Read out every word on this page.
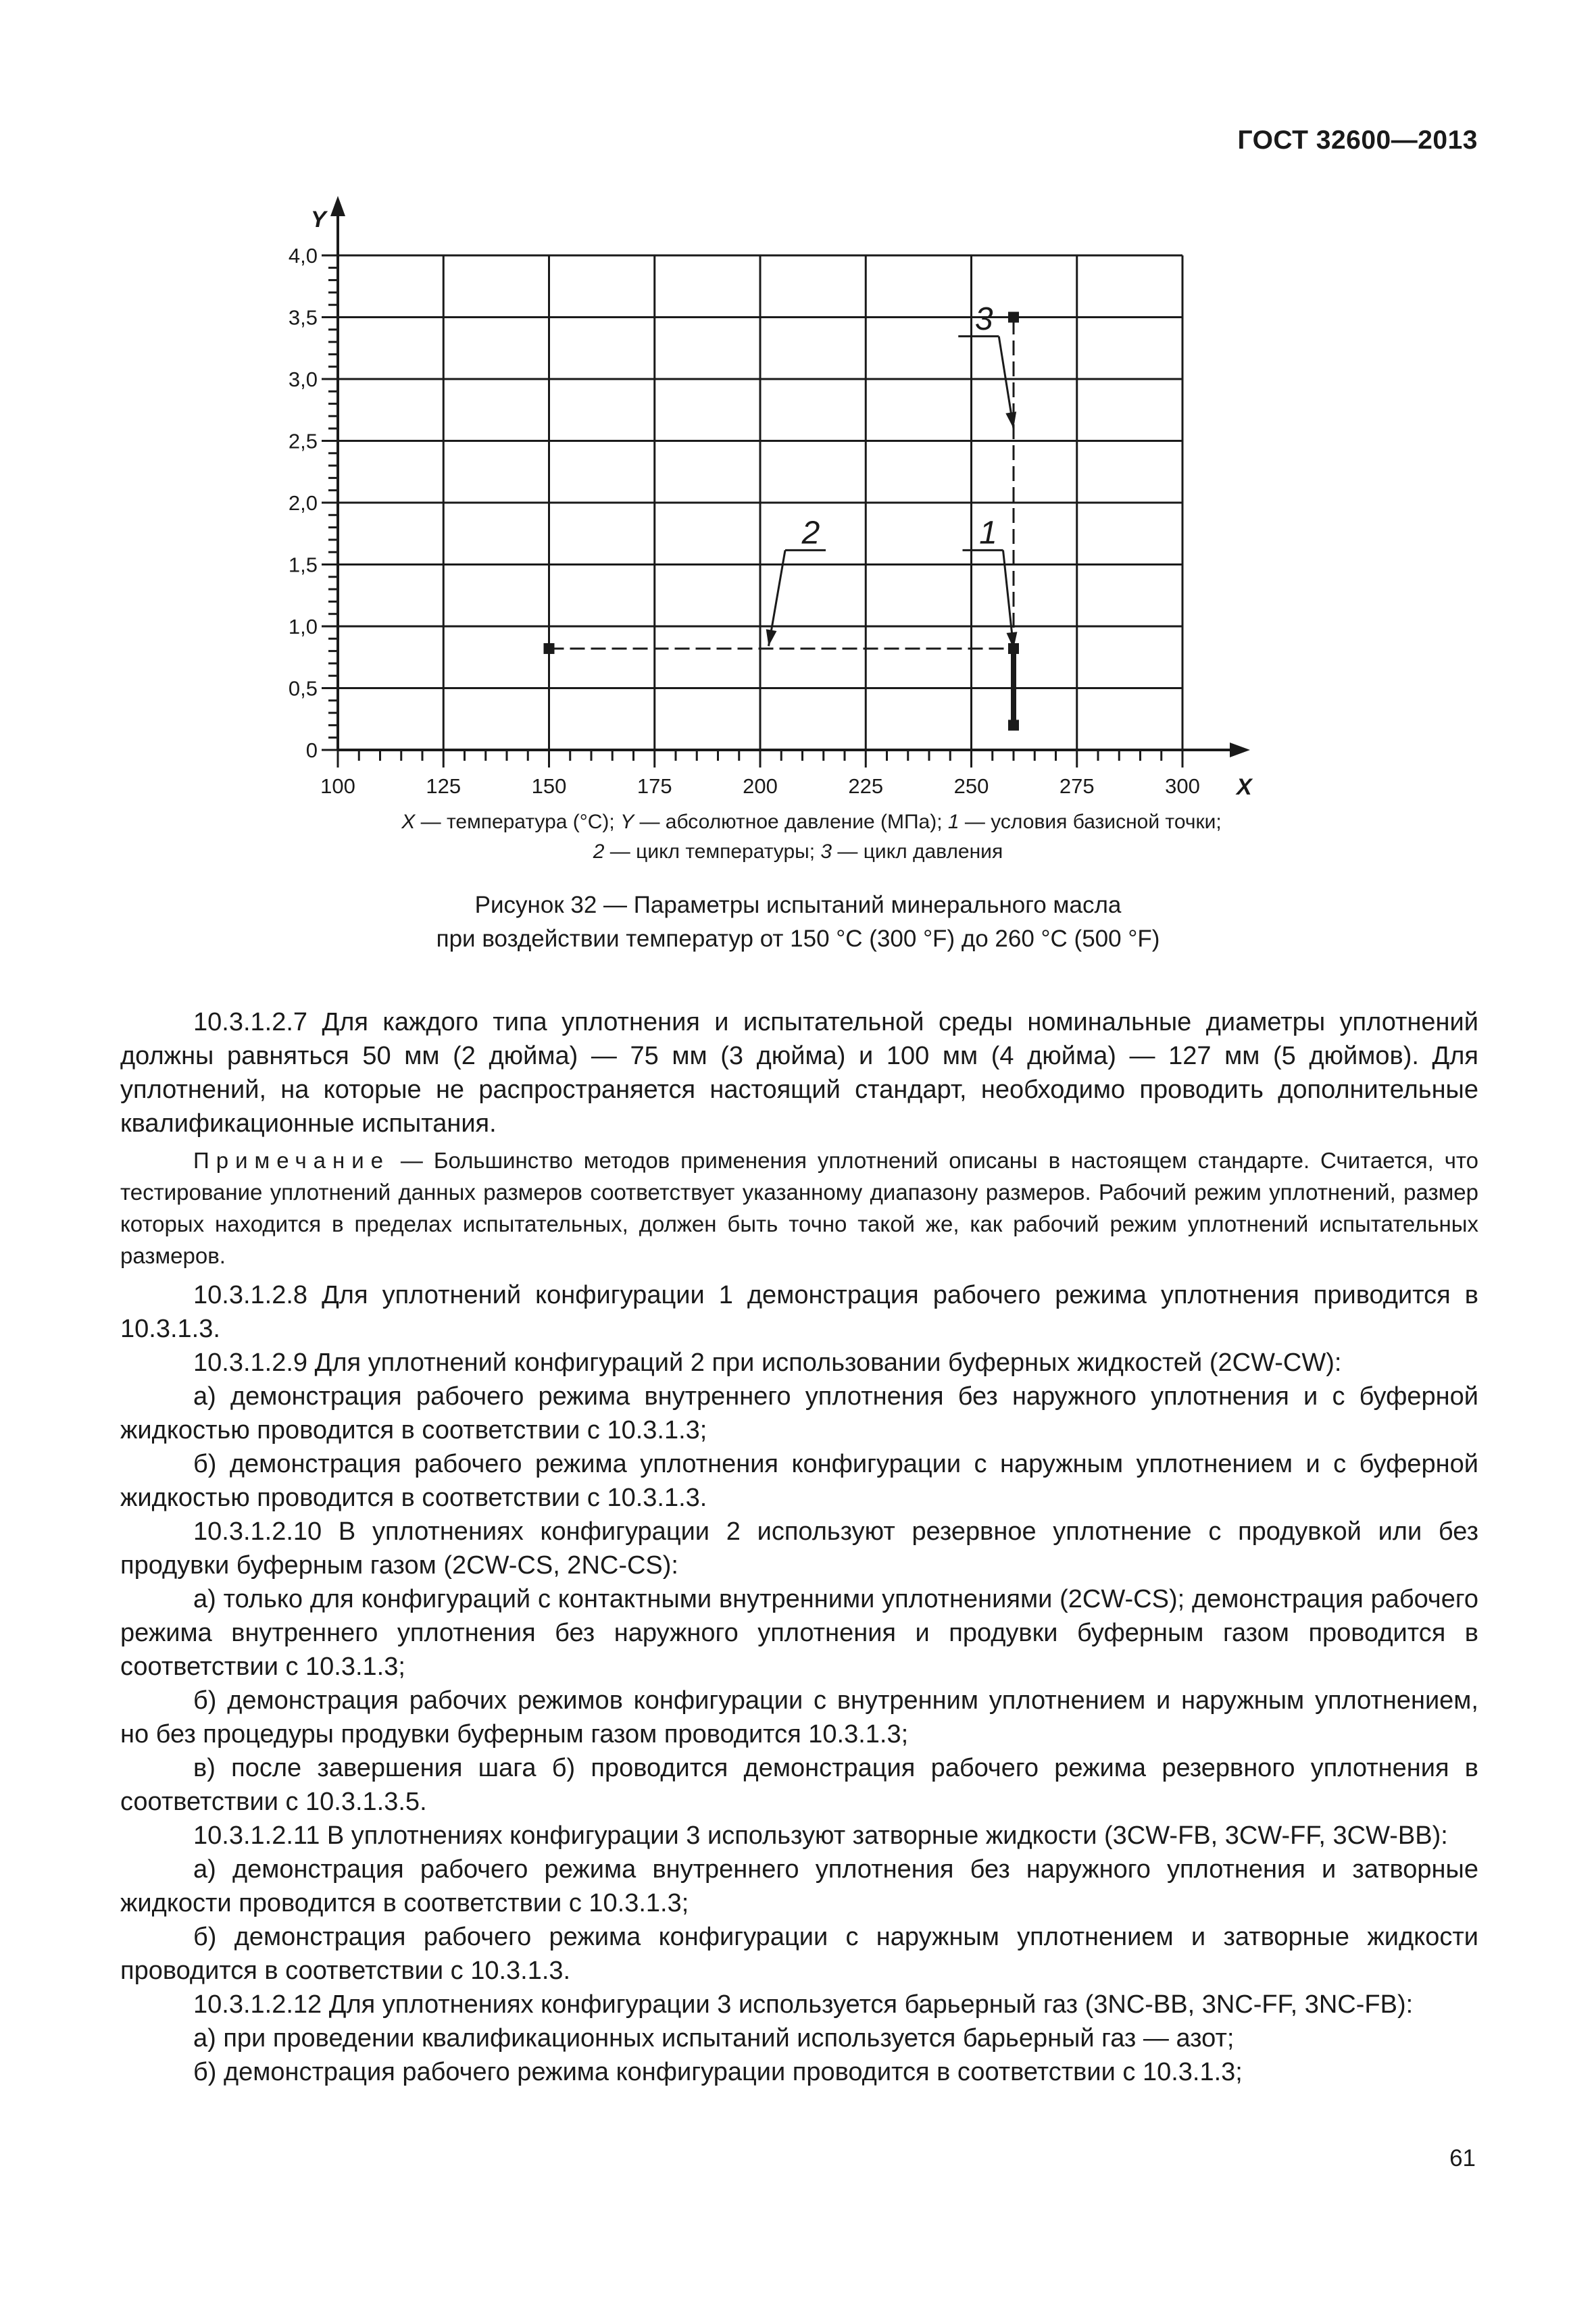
ГОСТ 32600—2013
100	125	150	175	200	225	250	275	300
0
0,5
1,0
1,5
2,0
2,5
3,0
3,5
4,0
X
Y
1
2
3
X — температура (°С); Y — абсолютное давление (МПа); 1 — условия базисной точки;
2 — цикл температуры; 3 — цикл давления
Рисунок 32 — Параметры испытаний минерального масла
при воздействии температур от 150 °С (300 °F) до 260 °С (500 °F)

10.3.1.2.7 Для каждого типа уплотнения и испытательной среды номинальные диаметры уплотнений должны равняться 50 мм (2 дюйма) — 75 мм (3 дюйма) и 100 мм (4 дюйма) — 127 мм (5 дюймов). Для уплотнений, на которые не распространяется настоящий стандарт, необходимо проводить дополнительные квалификационные испытания.

Примечание — Большинство методов применения уплотнений описаны в настоящем стандарте. Считается, что тестирование уплотнений данных размеров соответствует указанному диапазону размеров. Рабочий режим уплотнений, размер которых находится в пределах испытательных, должен быть точно такой же, как рабочий режим уплотнений испытательных размеров.

10.3.1.2.8 Для уплотнений конфигурации 1 демонстрация рабочего режима уплотнения приводится в 10.3.1.3.

10.3.1.2.9 Для уплотнений конфигураций 2 при использовании буферных жидкостей (2CW-CW):

а) демонстрация рабочего режима внутреннего уплотнения без наружного уплотнения и с буферной жидкостью проводится в соответствии с 10.3.1.3;

б) демонстрация рабочего режима уплотнения конфигурации с наружным уплотнением и с буферной жидкостью проводится в соответствии с 10.3.1.3.

10.3.1.2.10 В уплотнениях конфигурации 2 используют резервное уплотнение с продувкой или без продувки буферным газом (2CW-CS, 2NC-CS):

а) только для конфигураций с контактными внутренними уплотнениями (2CW-CS); демонстрация рабочего режима внутреннего уплотнения без наружного уплотнения и продувки буферным газом проводится в соответствии с 10.3.1.3;

б) демонстрация рабочих режимов конфигурации с внутренним уплотнением и наружным уплотнением, но без процедуры продувки буферным газом проводится 10.3.1.3;

в) после завершения шага б) проводится демонстрация рабочего режима резервного уплотнения в соответствии с 10.3.1.3.5.

10.3.1.2.11 В уплотнениях конфигурации 3 используют затворные жидкости (3CW-FB, 3CW-FF, 3CW-BB):

а) демонстрация рабочего режима внутреннего уплотнения без наружного уплотнения и затворные жидкости проводится в соответствии с 10.3.1.3;

б) демонстрация рабочего режима конфигурации с наружным уплотнением и затворные жидкости проводится в соответствии с 10.3.1.3.

10.3.1.2.12 Для уплотнениях конфигурации 3 используется барьерный газ (3NC-BB, 3NC-FF, 3NC-FB):

а) при проведении квалификационных испытаний используется барьерный газ — азот;

б) демонстрация рабочего режима конфигурации проводится в соответствии с 10.3.1.3;

61
